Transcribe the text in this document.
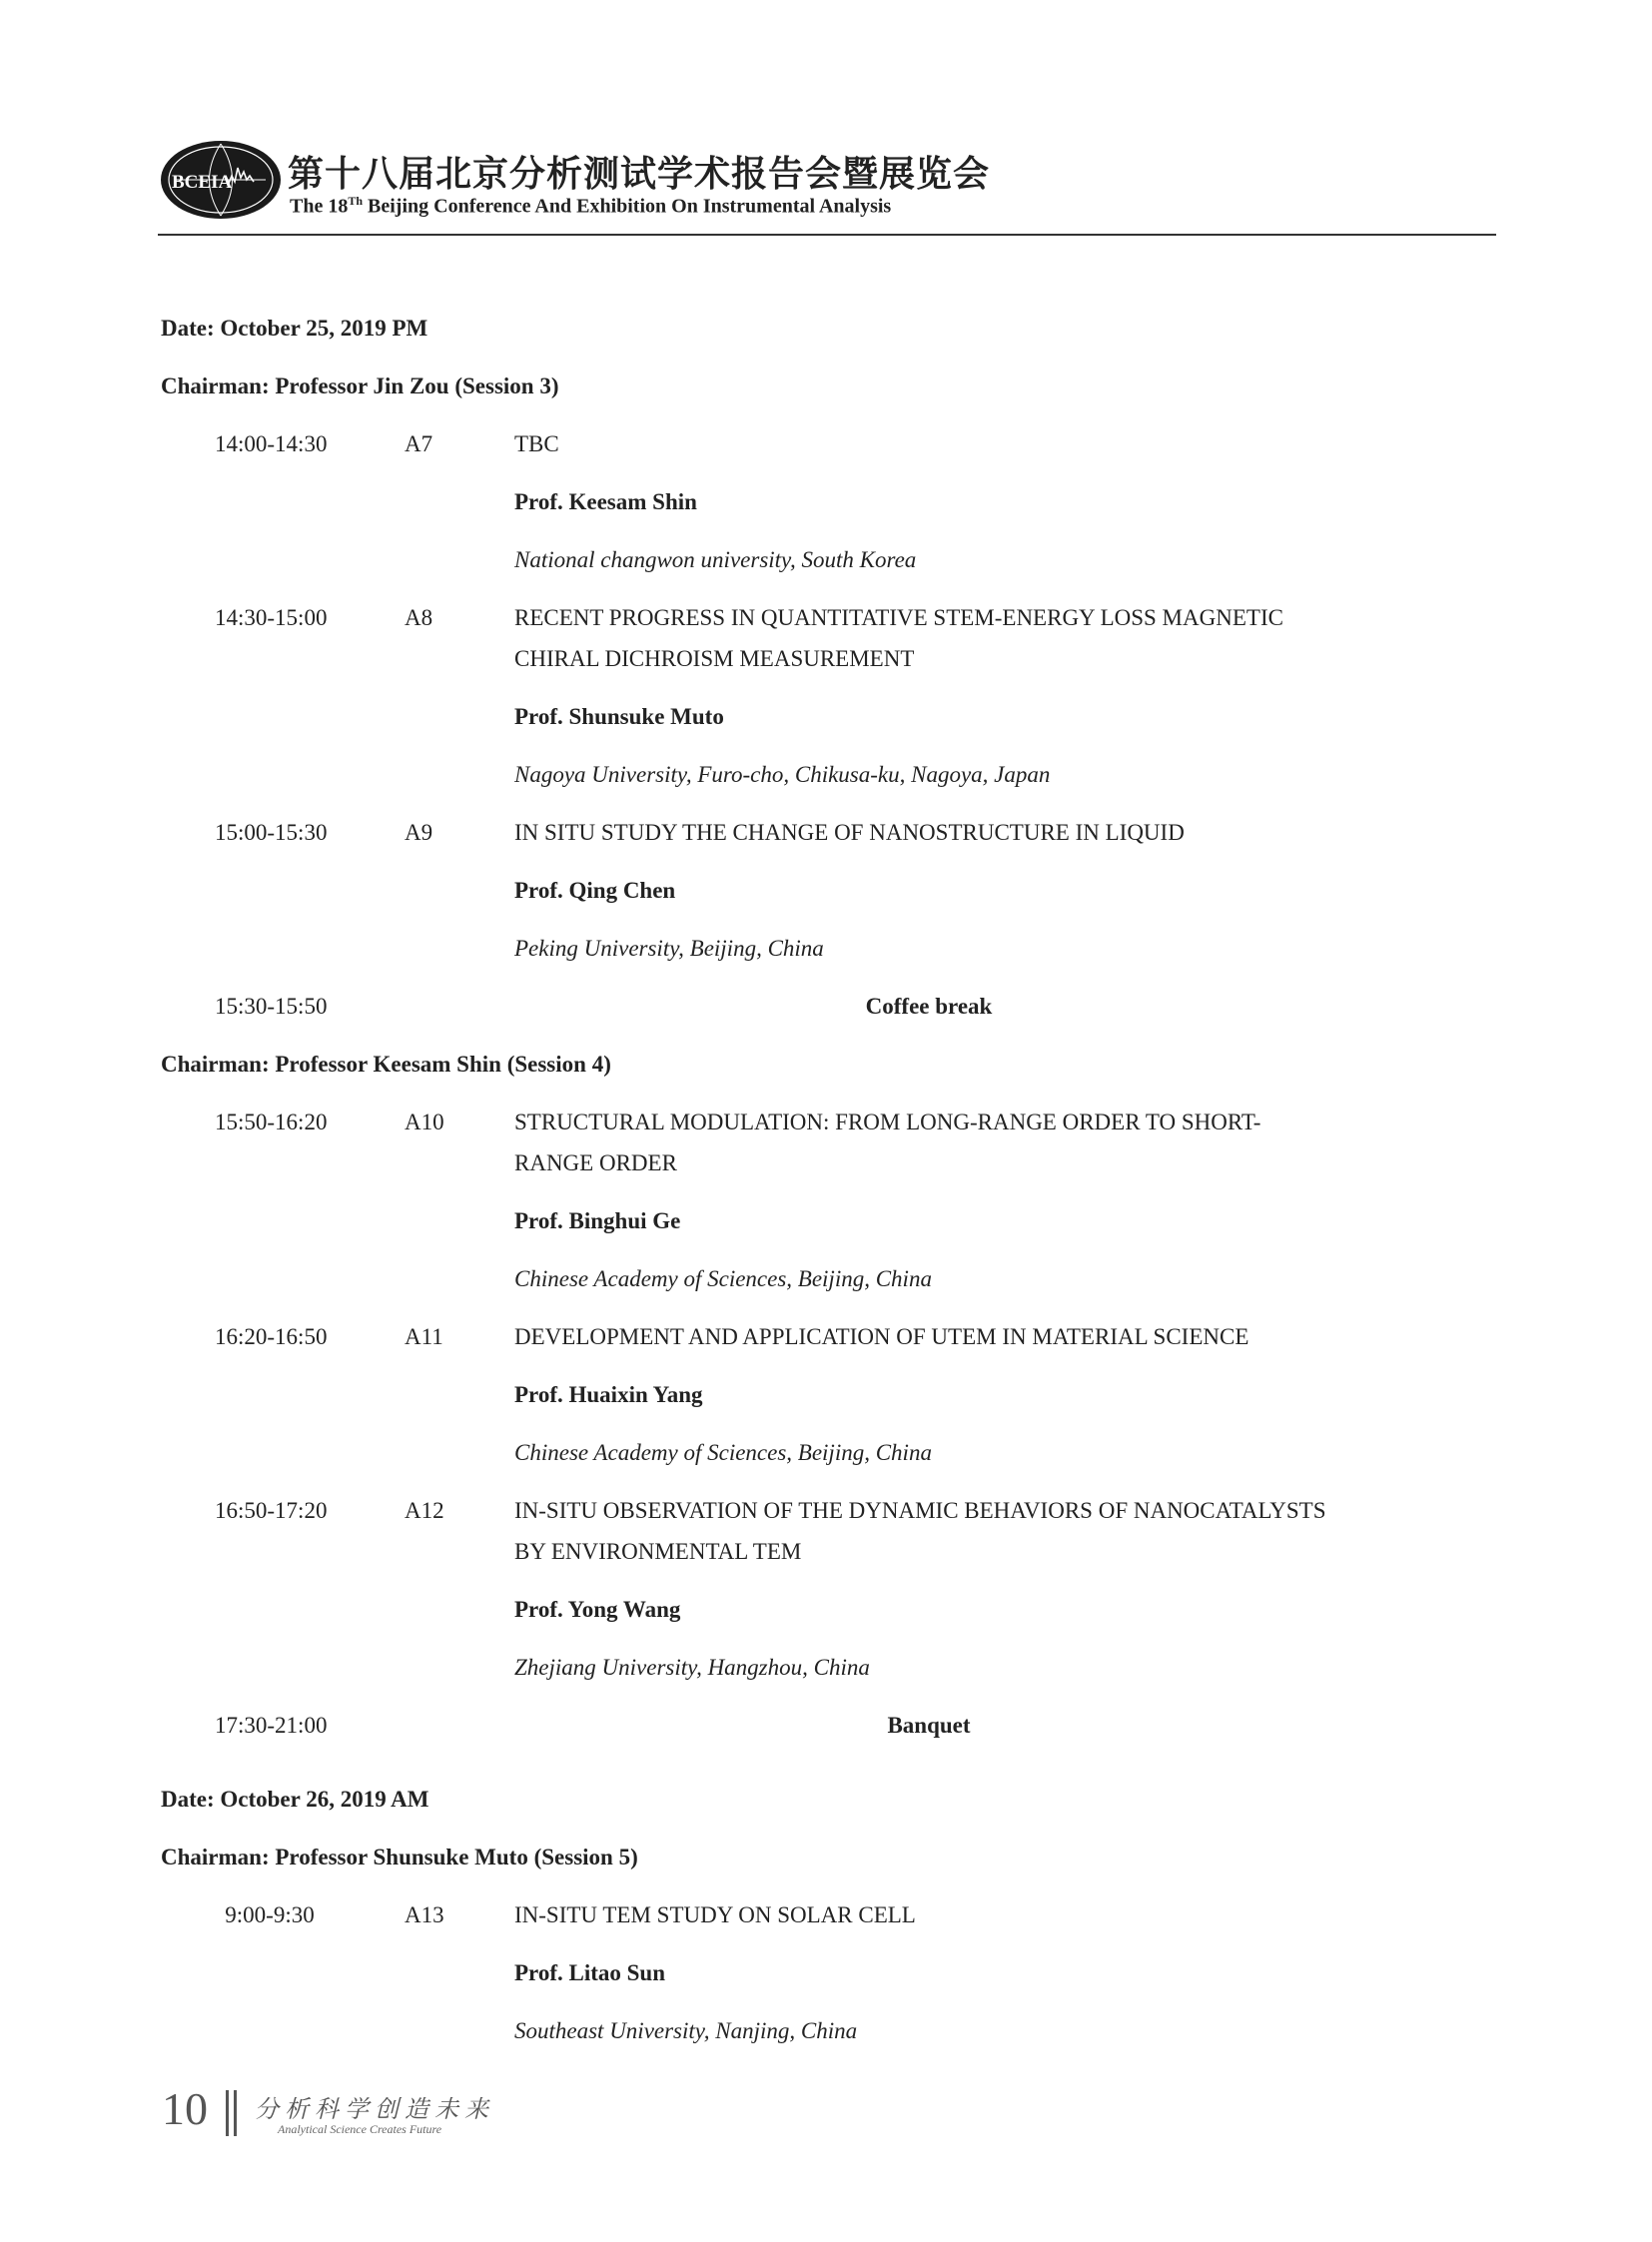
BCEIA 第十八届北京分析测试学术报告会暨展览会
The 18Th Beijing Conference And Exhibition On Instrumental Analysis
Date: October 25, 2019 PM
Chairman: Professor Jin Zou (Session 3)
14:00-14:30	A7	TBC
Prof. Keesam Shin
National changwon university, South Korea
14:30-15:00	A8	RECENT PROGRESS IN QUANTITATIVE STEM-ENERGY LOSS MAGNETIC
CHIRAL DICHROISM MEASUREMENT
Prof. Shunsuke Muto
Nagoya University, Furo-cho, Chikusa-ku, Nagoya, Japan
15:00-15:30	A9	IN SITU STUDY THE CHANGE OF NANOSTRUCTURE IN LIQUID
Prof. Qing Chen
Peking University, Beijing, China
15:30-15:50	Coffee break
Chairman: Professor Keesam Shin (Session 4)
15:50-16:20	A10	STRUCTURAL MODULATION: FROM LONG-RANGE ORDER TO SHORT-
RANGE ORDER
Prof. Binghui Ge
Chinese Academy of Sciences, Beijing, China
16:20-16:50	A11	DEVELOPMENT AND APPLICATION OF UTEM IN MATERIAL SCIENCE
Prof. Huaixin Yang
Chinese Academy of Sciences, Beijing, China
16:50-17:20	A12	IN-SITU OBSERVATION OF THE DYNAMIC BEHAVIORS OF NANOCATALYSTS
BY ENVIRONMENTAL TEM
Prof. Yong Wang
Zhejiang University, Hangzhou, China
17:30-21:00	Banquet
Date: October 26, 2019 AM
Chairman: Professor Shunsuke Muto (Session 5)
9:00-9:30	A13	IN-SITU TEM STUDY ON SOLAR CELL
Prof. Litao Sun
Southeast University, Nanjing, China
10 分析科学创造未来
Analytical Science Creates Future
